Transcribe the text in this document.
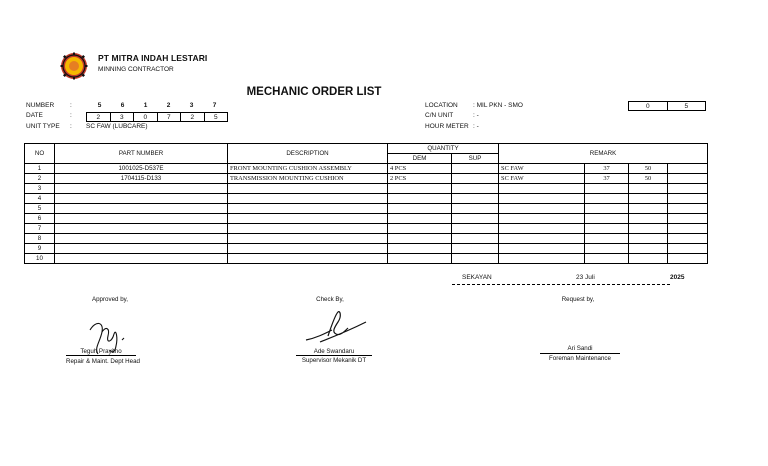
PT MITRA INDAH LESTARI
MINNING CONTRACTOR
MECHANIC ORDER LIST
NUMBER :	5	6	1	2	3	7
DATE	:	2	3	0	7	2	5
UNIT TYPE : SC FAW (LUBCARE)
LOCATION : MIL PKN - SMO
C/N UNIT	: -
HOUR METER : -
0	5
NO	PART NUMBER	DESCRIPTION	QUANTITY		REMARK			
			DEM	SUP				
1	1001025-D537E	FRONT MOUNTING CUSHION ASSEMBLY	4 PCS		SC FAW	37	50	
2	1704115-D133	TRANSMISSION MOUNTING CUSHION	2 PCS		SC FAW	37	50	
3								
4								
5								
6								
7								
8								
9								
10								
SEKAYAN	23 Juli	2025
Approved by,	Check By,	Request by,
Teguh Prayitno
Repair & Maint. Dept Head
Ade Swandaru
Supervisor Mekanik DT
Ari Sandi
Foreman Maintenance
